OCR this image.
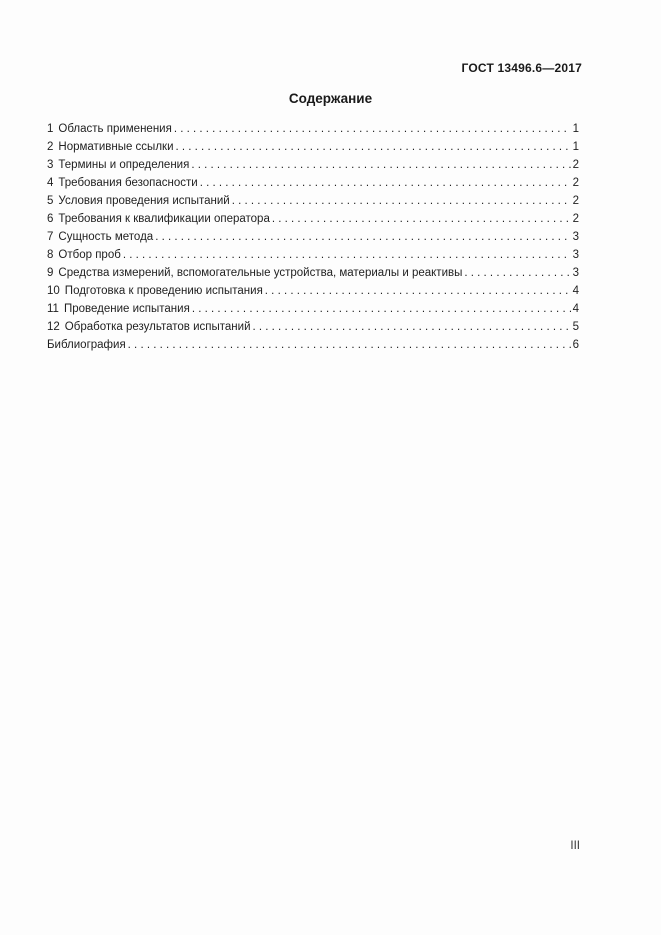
ГОСТ 13496.6—2017
Содержание
1 Область применения . . .	1
2 Нормативные ссылки . . .	1
3 Термины и определения . . .	2
4 Требования безопасности . . .	2
5 Условия проведения испытаний . . .	2
6 Требования к квалификации оператора . . .	2
7 Сущность метода . . .	3
8 Отбор проб . . .	3
9 Средства измерений, вспомогательные устройства, материалы и реактивы . . .	3
10 Подготовка к проведению испытания . . .	4
11 Проведение испытания . . .	4
12 Обработка результатов испытаний . . .	5
Библиография . . .	6
III
